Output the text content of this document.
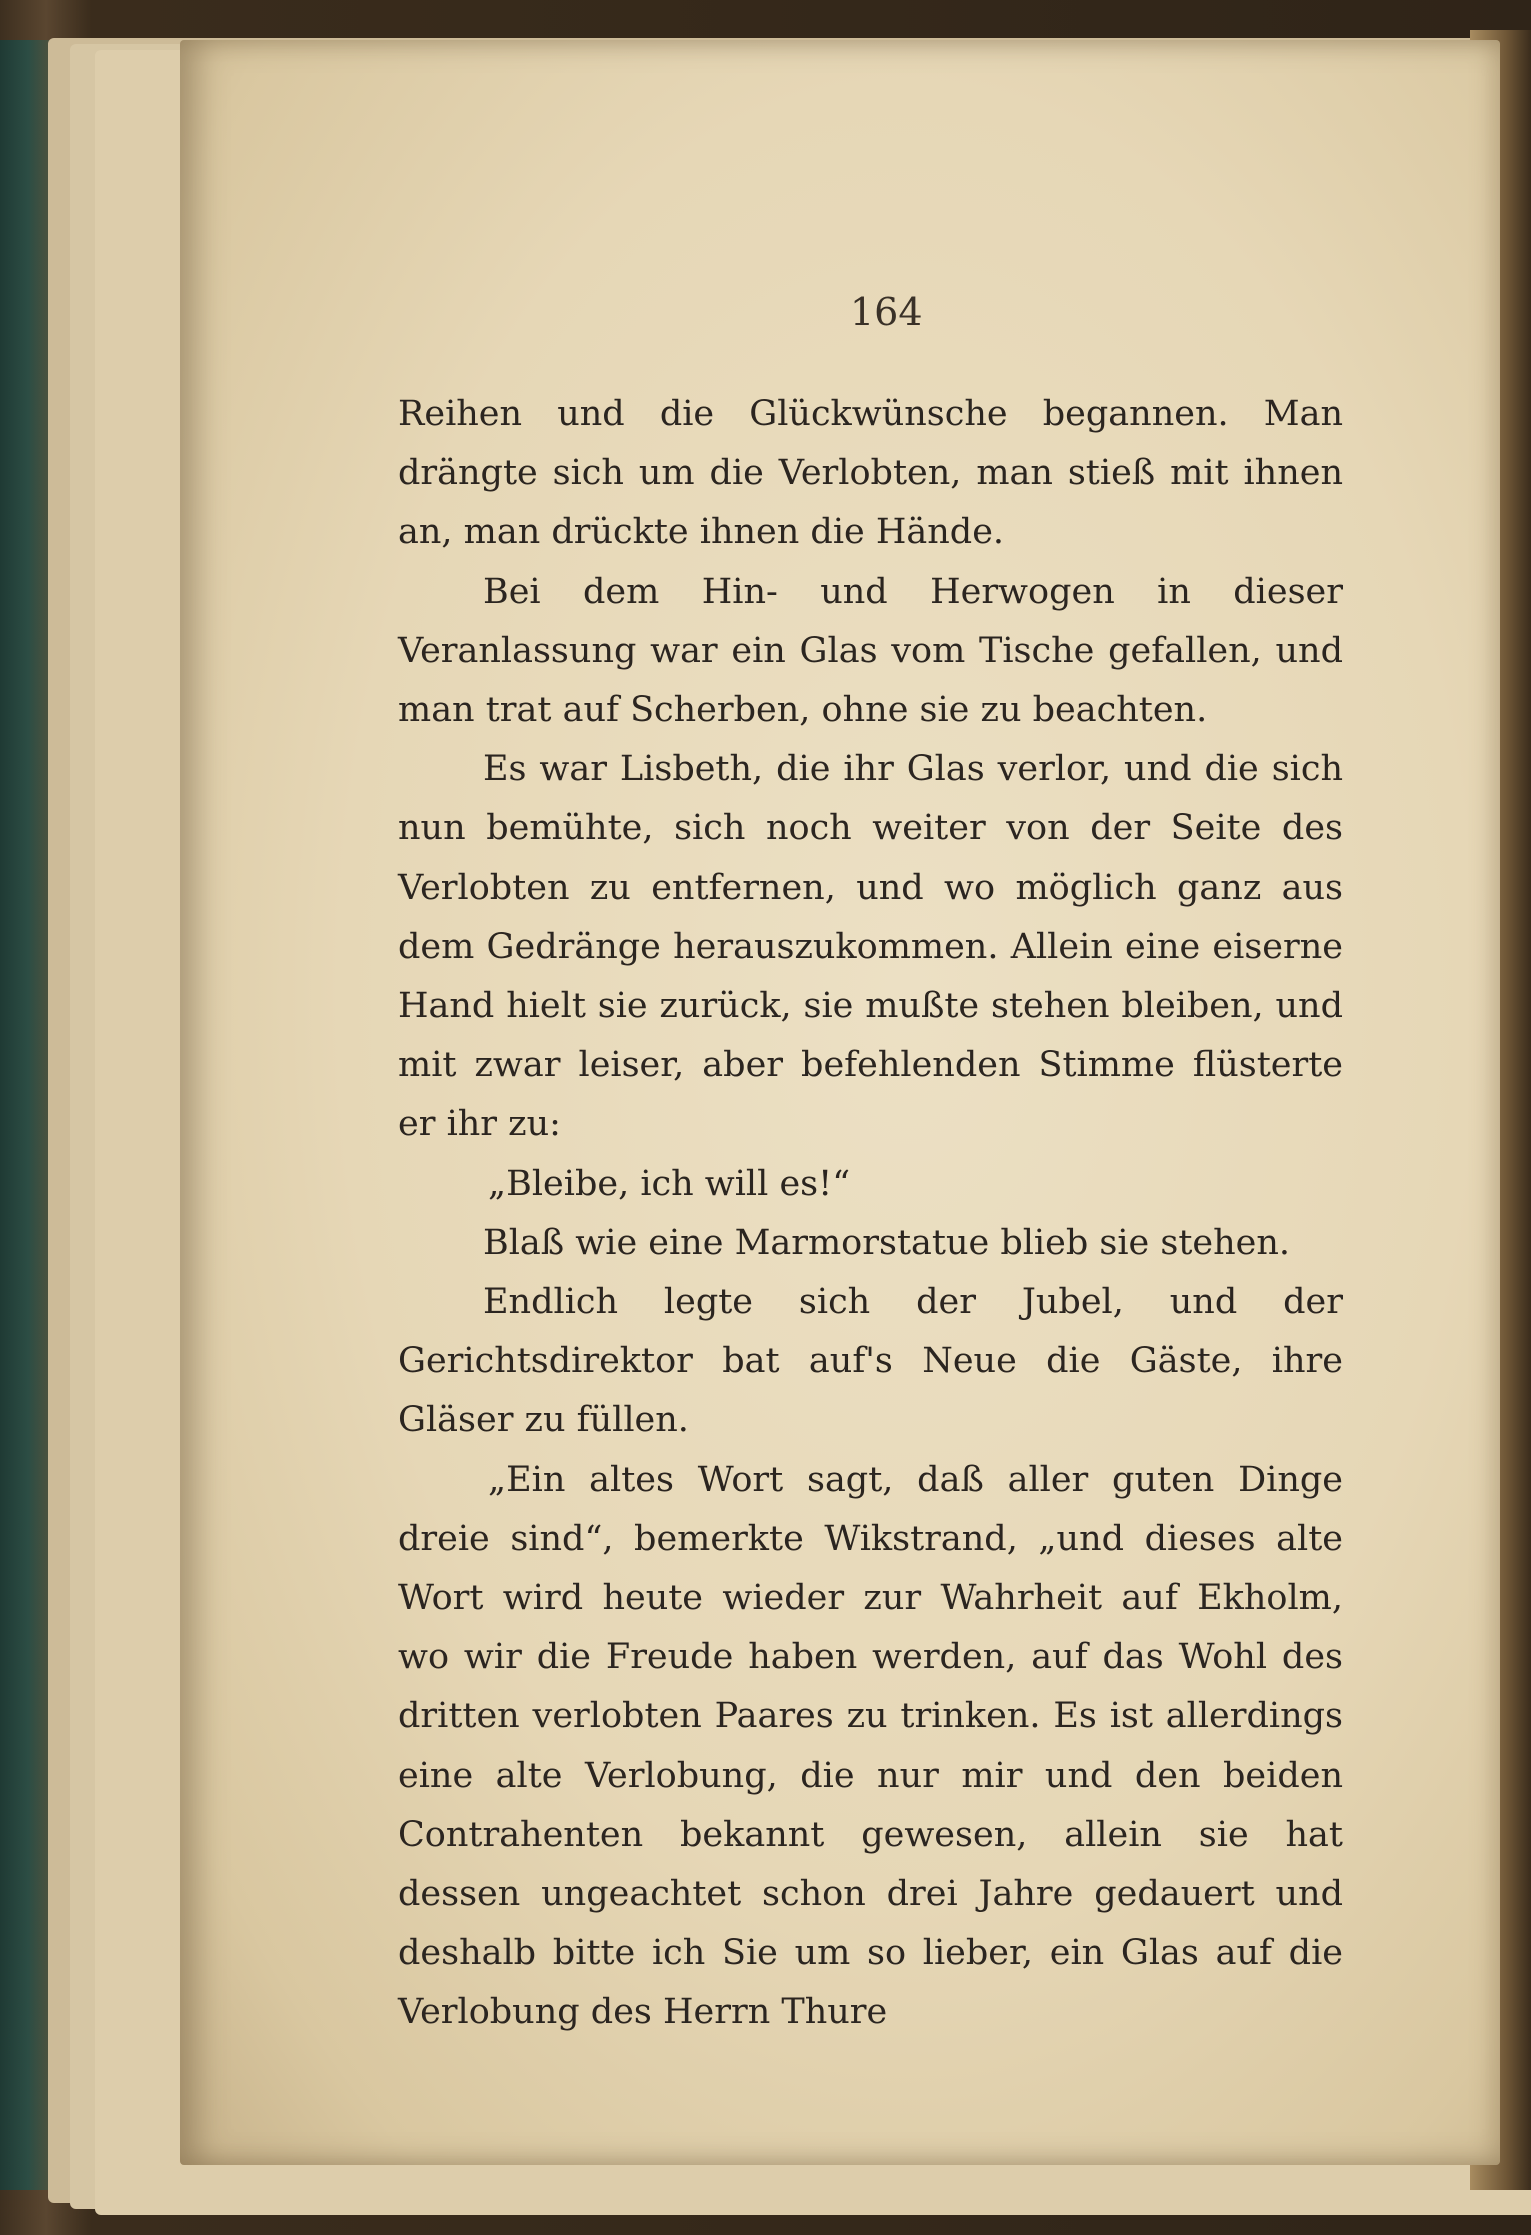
164

Reihen und die Glückwünsche begannen. Man drängte sich um die Verlobten, man stieß mit ihnen an, man drückte ihnen die Hände.

Bei dem Hin- und Herwogen in dieser Veranlassung war ein Glas vom Tische gefallen, und man trat auf Scherben, ohne sie zu beachten.

Es war Lisbeth, die ihr Glas verlor, und die sich nun bemühte, sich noch weiter von der Seite des Verlobten zu entfernen, und wo möglich ganz aus dem Gedränge herauszukommen. Allein eine eiserne Hand hielt sie zurück, sie mußte stehen bleiben, und mit zwar leiser, aber befehlenden Stimme flüsterte er ihr zu:

„Bleibe, ich will es!“

Blaß wie eine Marmorstatue blieb sie stehen.

Endlich legte sich der Jubel, und der Gerichtsdirektor bat auf's Neue die Gäste, ihre Gläser zu füllen.

„Ein altes Wort sagt, daß aller guten Dinge dreie sind“, bemerkte Wikstrand, „und dieses alte Wort wird heute wieder zur Wahrheit auf Ekholm, wo wir die Freude haben werden, auf das Wohl des dritten verlobten Paares zu trinken. Es ist allerdings eine alte Verlobung, die nur mir und den beiden Contrahenten bekannt gewesen, allein sie hat dessen ungeachtet schon drei Jahre gedauert und deshalb bitte ich Sie um so lieber, ein Glas auf die Verlobung des Herrn Thure
